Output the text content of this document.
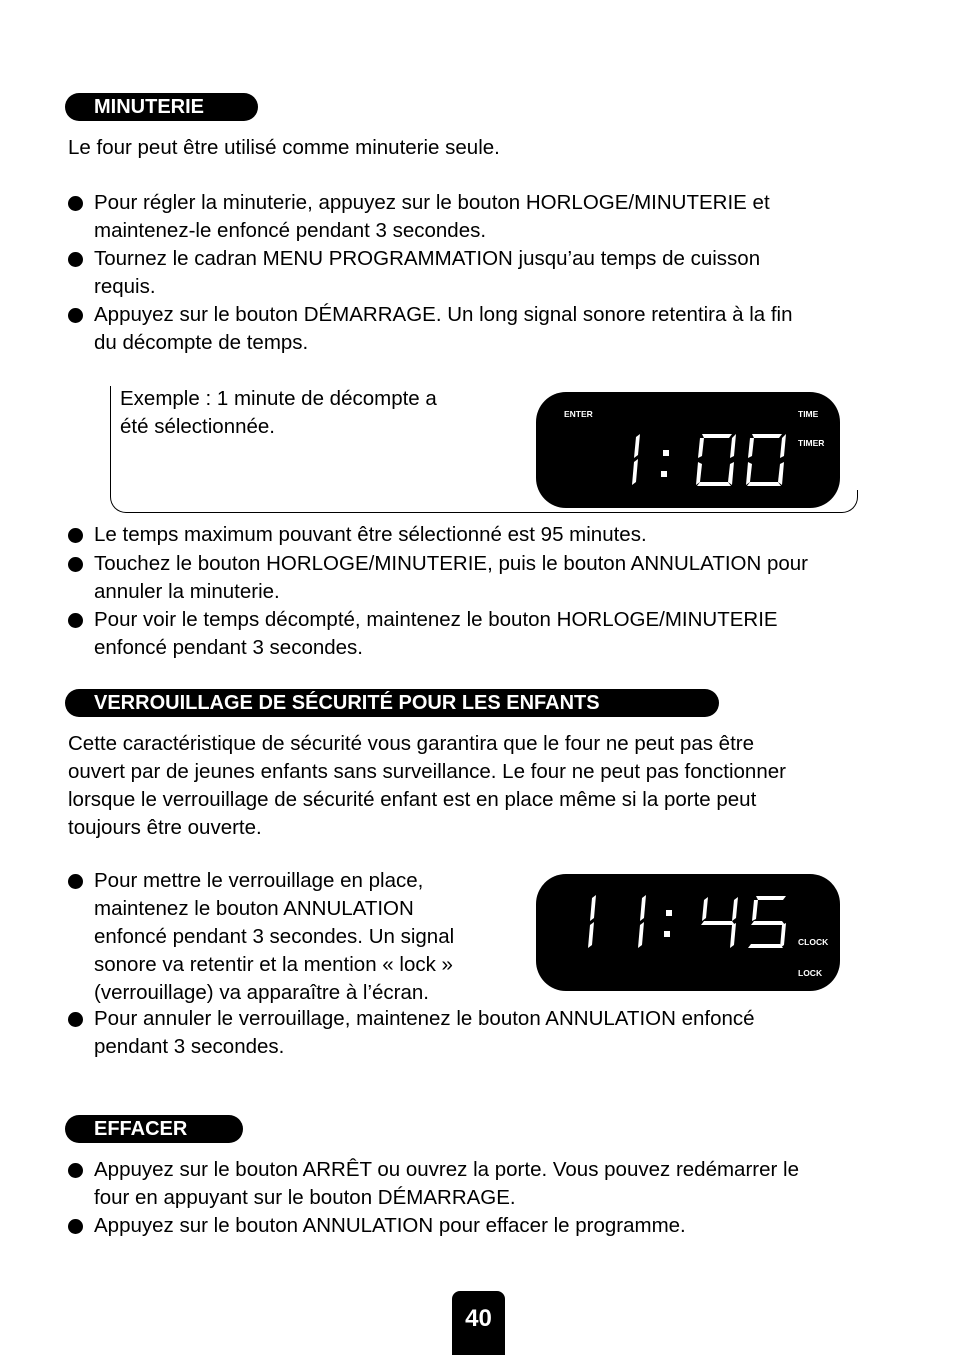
MINUTERIE
Le four peut être utilisé comme minuterie seule.
Pour régler la minuterie, appuyez sur le bouton HORLOGE/MINUTERIE et
maintenez-le enfoncé pendant 3 secondes.
Tournez le cadran MENU PROGRAMMATION jusqu’au temps de cuisson
requis.
Appuyez sur le bouton DÉMARRAGE. Un long signal sonore retentira à la fin
du décompte de temps.
Exemple : 1 minute de décompte a
été sélectionnée.
ENTER	TIME
TIMER
Le temps maximum pouvant être sélectionné est 95 minutes.
Touchez le bouton HORLOGE/MINUTERIE, puis le bouton ANNULATION pour
annuler la minuterie.
Pour voir le temps décompté, maintenez le bouton HORLOGE/MINUTERIE
enfoncé pendant 3 secondes.
VERROUILLAGE DE SÉCURITÉ POUR LES ENFANTS
Cette caractéristique de sécurité vous garantira que le four ne peut pas être
ouvert par de jeunes enfants sans surveillance. Le four ne peut pas fonctionner
lorsque le verrouillage de sécurité enfant est en place même si la porte peut
toujours être ouverte.
Pour mettre le verrouillage en place,
maintenez le bouton ANNULATION
enfoncé pendant 3 secondes. Un signal
sonore va retentir et la mention « lock »
(verrouillage) va apparaître à l’écran.
CLOCK
LOCK
Pour annuler le verrouillage, maintenez le bouton ANNULATION enfoncé
pendant 3 secondes.
EFFACER
Appuyez sur le bouton ARRÊT ou ouvrez la porte. Vous pouvez redémarrer le
four en appuyant sur le bouton DÉMARRAGE.
Appuyez sur le bouton ANNULATION pour effacer le programme.
40
